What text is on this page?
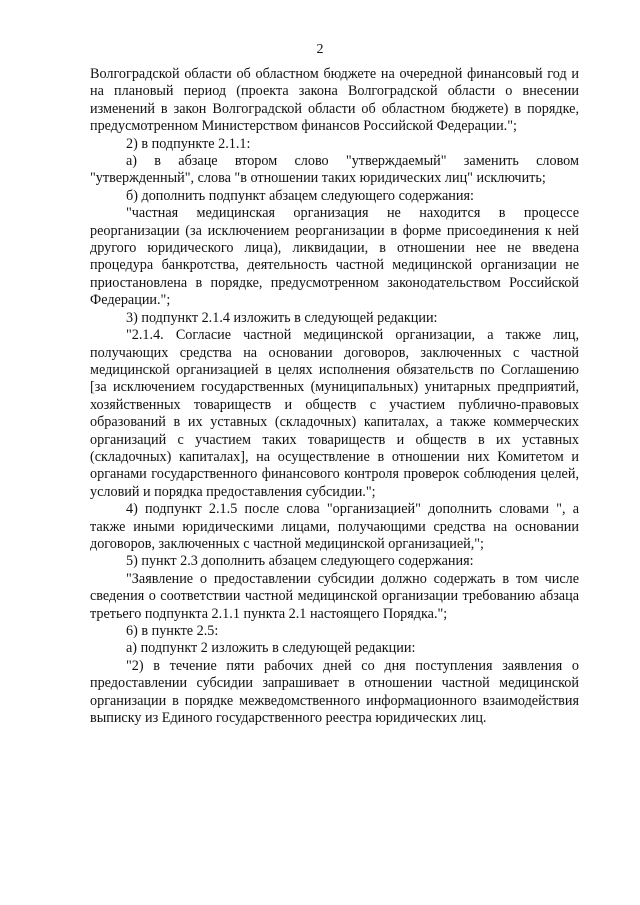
2

Волгоградской области об областном бюджете на очередной финансовый год и на плановый период (проекта закона Волгоградской области о внесении изменений в закон Волгоградской области об областном бюджете) в порядке, предусмотренном Министерством финансов Российской Федерации.";

2) в подпункте 2.1.1:

а) в абзаце втором слово "утверждаемый" заменить словом "утвержденный", слова "в отношении таких юридических лиц" исключить;

б) дополнить подпункт абзацем следующего содержания:

"частная медицинская организация не находится в процессе реорганизации (за исключением реорганизации в форме присоединения к ней другого юридического лица), ликвидации, в отношении нее не введена процедура банкротства, деятельность частной медицинской организации не приостановлена в порядке, предусмотренном законодательством Российской Федерации.";

3) подпункт 2.1.4 изложить в следующей редакции:

"2.1.4. Согласие частной медицинской организации, а также лиц, получающих средства на основании договоров, заключенных с частной медицинской организацией в целях исполнения обязательств по Соглашению [за исключением государственных (муниципальных) унитарных предприятий, хозяйственных товариществ и обществ с участием публично-правовых образований в их уставных (складочных) капиталах, а также коммерческих организаций с участием таких товариществ и обществ в их уставных (складочных) капиталах], на осуществление в отношении них Комитетом и органами государственного финансового контроля проверок соблюдения целей, условий и порядка предоставления субсидии.";

4) подпункт 2.1.5 после слова "организацией" дополнить словами ", а также иными юридическими лицами, получающими средства на основании договоров, заключенных с частной медицинской организацией,";

5) пункт 2.3 дополнить абзацем следующего содержания:

"Заявление о предоставлении субсидии должно содержать в том числе сведения о соответствии частной медицинской организации требованию абзаца третьего подпункта 2.1.1 пункта 2.1 настоящего Порядка.";

6) в пункте 2.5:

а) подпункт 2 изложить в следующей редакции:

"2) в течение пяти рабочих дней со дня поступления заявления о предоставлении субсидии запрашивает в отношении частной медицинской организации в порядке межведомственного информационного взаимодействия выписку из Единого государственного реестра юридических лиц.
